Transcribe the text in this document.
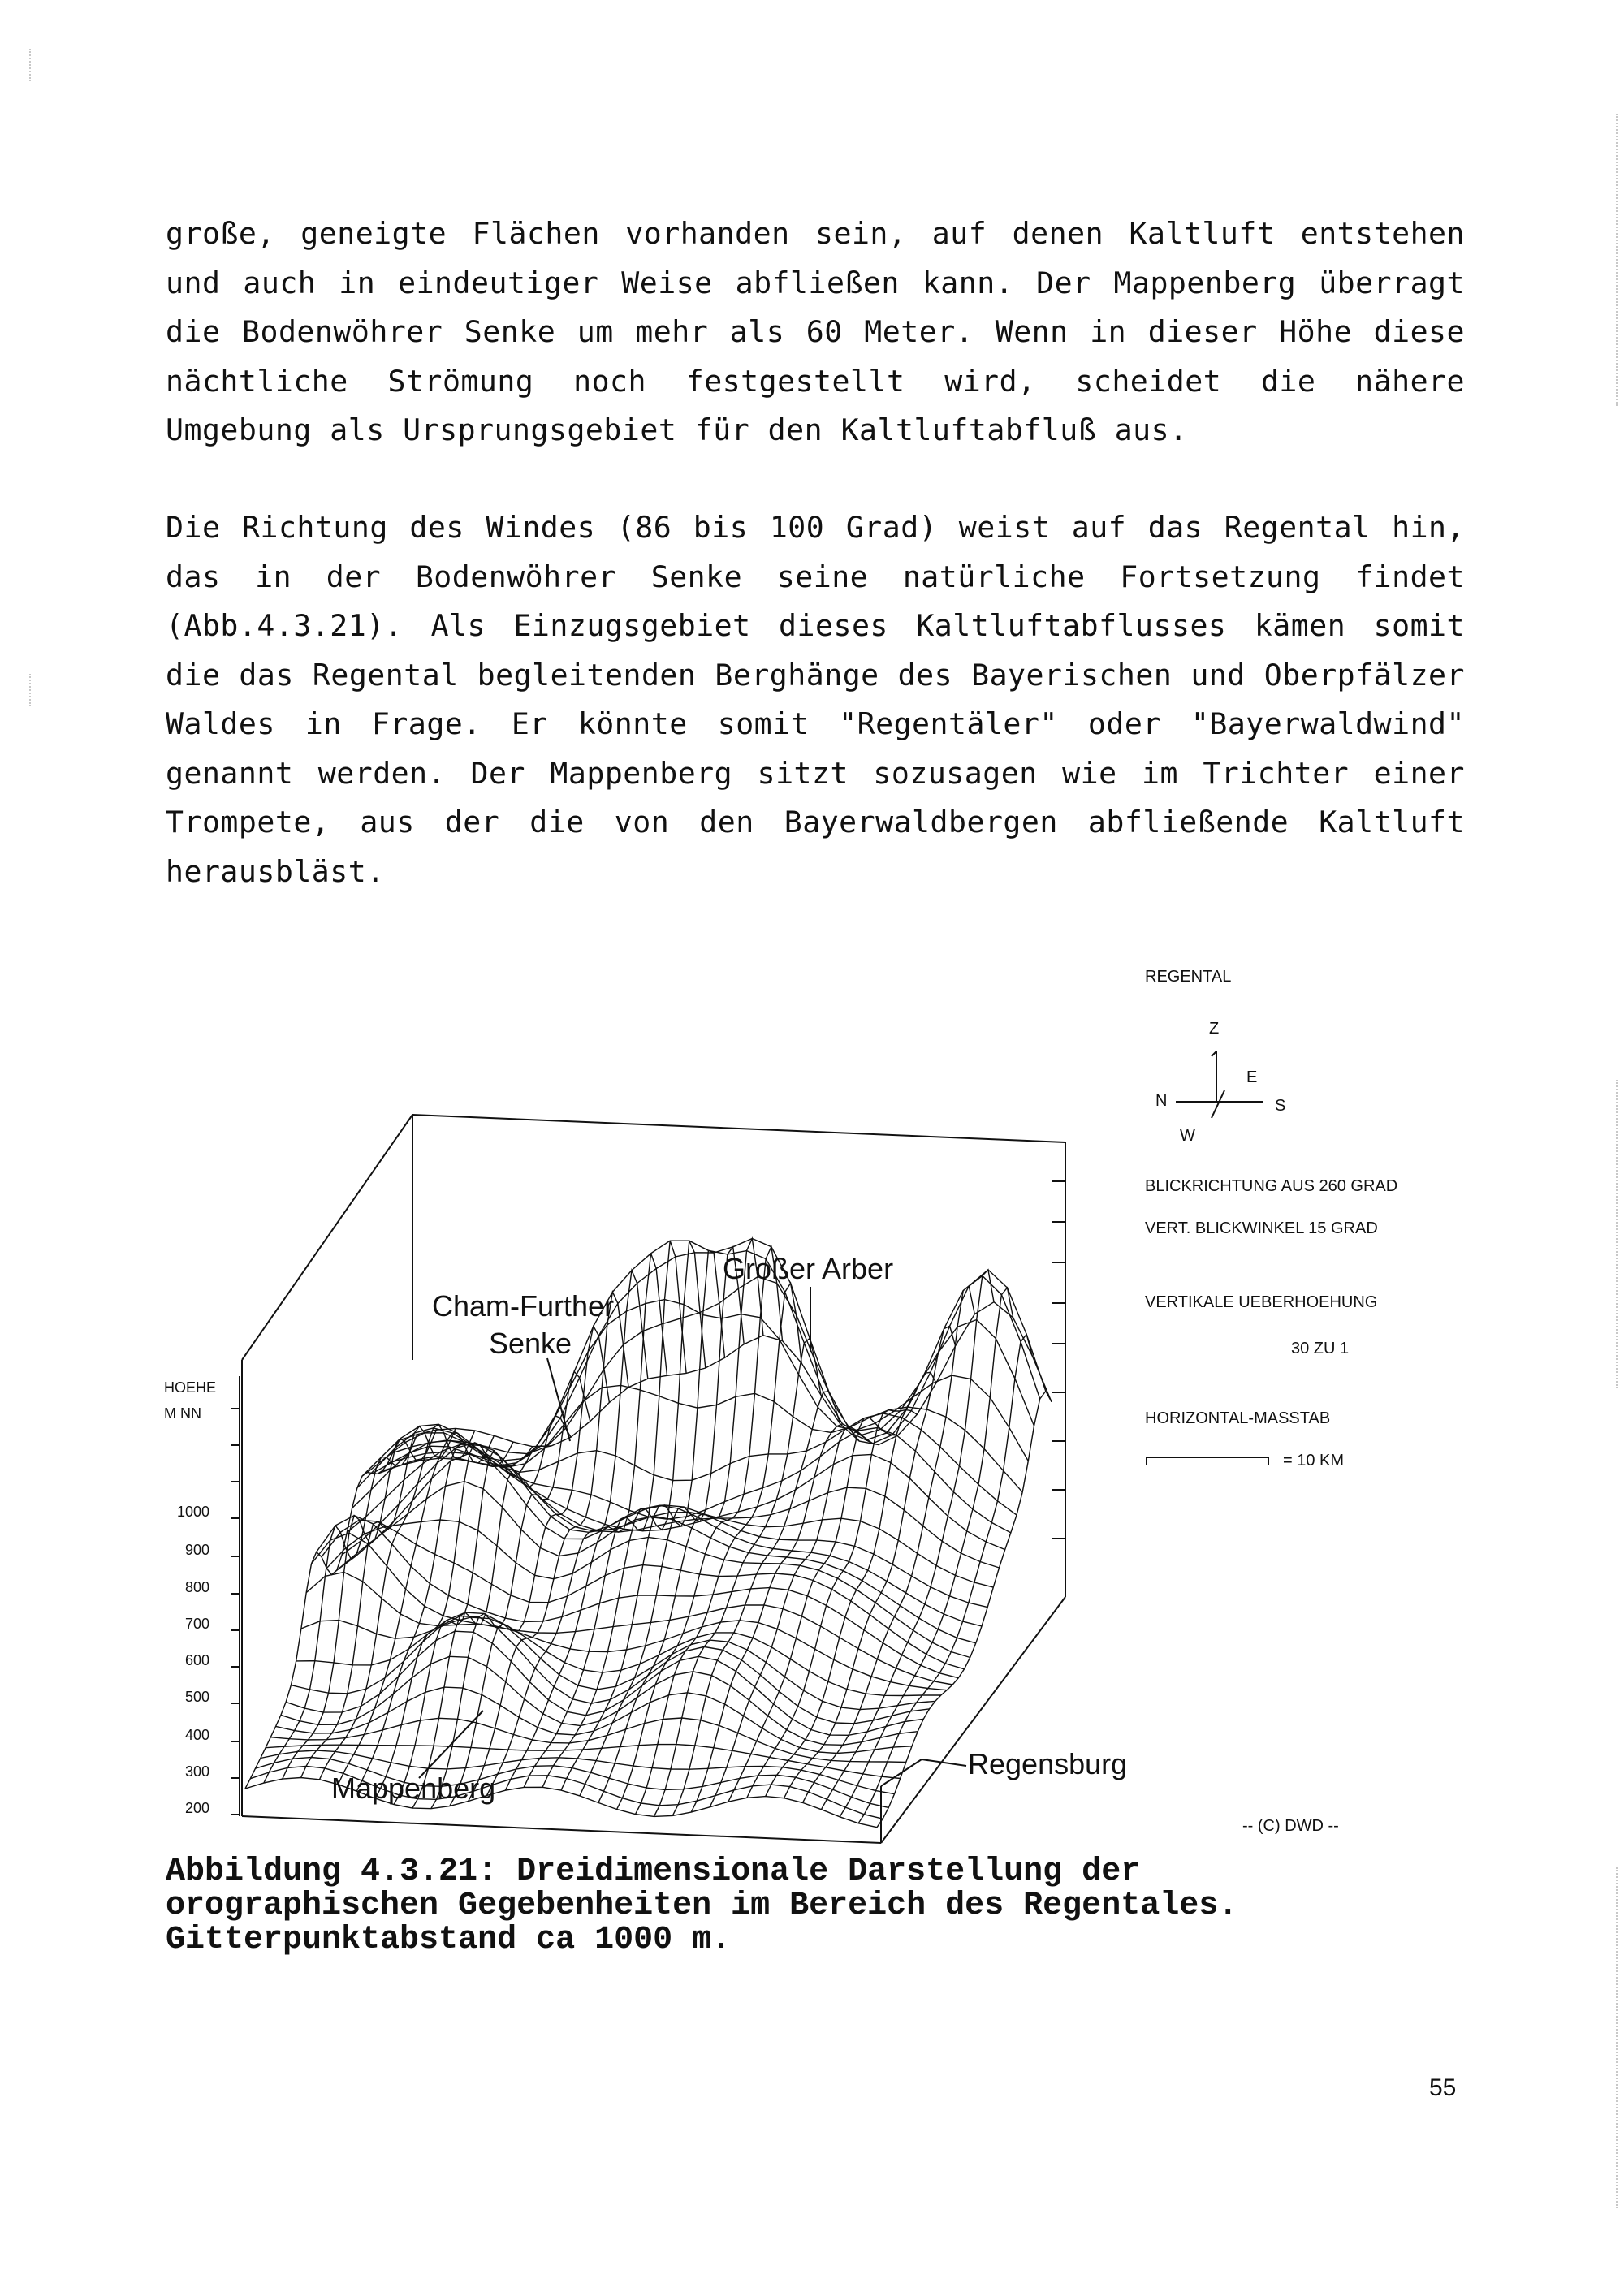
große, geneigte Flächen vorhanden sein, auf denen Kaltluft entstehen und auch in eindeutiger Weise abfließen kann. Der Mappenberg überragt die Bodenwöhrer Senke um mehr als 60 Meter. Wenn in dieser Höhe diese nächtliche Strömung noch festgestellt wird, scheidet die nähere Umgebung als Ursprungsgebiet für den Kaltluftabfluß aus.

Die Richtung des Windes (86 bis 100 Grad) weist auf das Regental hin, das in der Bodenwöhrer Senke seine natürliche Fortsetzung findet (Abb.4.3.21). Als Einzugsgebiet dieses Kaltluftabflusses kämen somit die das Regental begleitenden Berghänge des Bayerischen und Oberpfälzer Waldes in Frage. Er könnte somit "Regentäler" oder "Bayerwaldwind" genannt werden. Der Mappenberg sitzt sozusagen wie im Trichter einer Trompete, aus der die von den Bayerwaldbergen abfließende Kaltluft herausbläst.

HOEHE
M NN
1000
900
800
700
600
500
400
300
200
Großer Arber
Cham-Further
Senke
Mappenberg
Regensburg
REGENTAL
Z
E
N	S
W
BLICKRICHTUNG AUS 260 GRAD
VERT. BLICKWINKEL 15 GRAD
VERTIKALE UEBERHOEHUNG
30 ZU 1
HORIZONTAL-MASSTAB
= 10 KM
-- (C) DWD --

Abbildung 4.3.21: Dreidimensionale Darstellung der orographischen Gegebenheiten im Bereich des Regentales. Gitterpunktabstand ca 1000 m.

55
